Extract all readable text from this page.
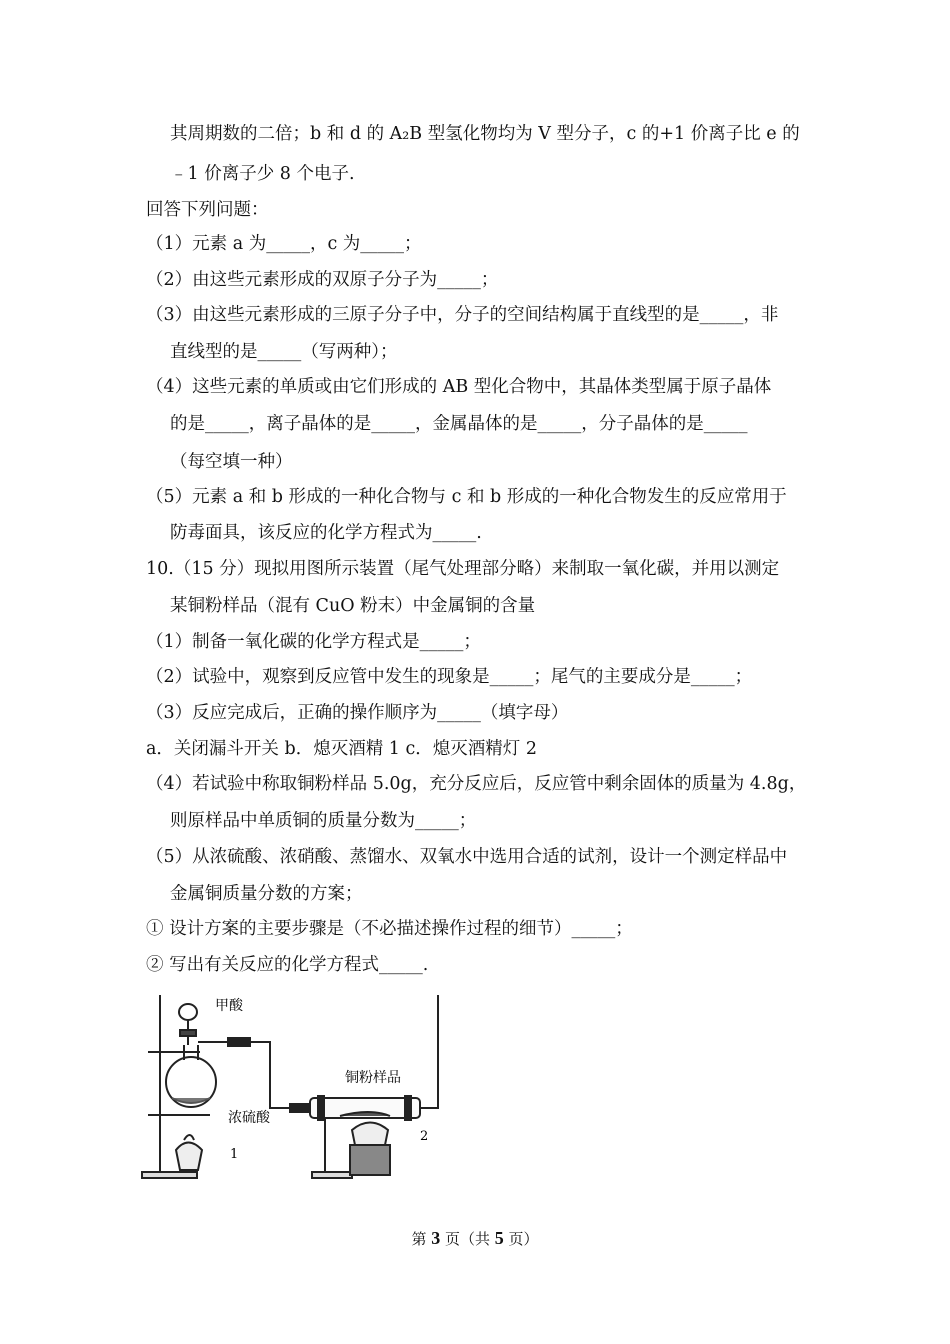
其周期数的二倍；b 和 d 的 A₂B 型氢化物均为 V 型分子，c 的+1 价离子比 e 的
﹣1 价离子少 8 个电子.
回答下列问题：
（1）元素 a 为_____，c 为_____；
（2）由这些元素形成的双原子分子为_____；
（3）由这些元素形成的三原子分子中，分子的空间结构属于直线型的是_____，非
直线型的是_____（写两种）；
（4）这些元素的单质或由它们形成的 AB 型化合物中，其晶体类型属于原子晶体
的是_____，离子晶体的是_____，金属晶体的是_____，分子晶体的是_____
（每空填一种）
（5）元素 a 和 b 形成的一种化合物与 c 和 b 形成的一种化合物发生的反应常用于
防毒面具，该反应的化学方程式为_____.
10.（15 分）现拟用图所示装置（尾气处理部分略）来制取一氧化碳，并用以测定
某铜粉样品（混有 CuO 粉末）中金属铜的含量
（1）制备一氧化碳的化学方程式是_____；
（2）试验中，观察到反应管中发生的现象是_____；尾气的主要成分是_____；
（3）反应完成后，正确的操作顺序为_____（填字母）
a．关闭漏斗开关 b．熄灭酒精 1 c．熄灭酒精灯 2
（4）若试验中称取铜粉样品 5.0g，充分反应后，反应管中剩余固体的质量为 4.8g，
则原样品中单质铜的质量分数为_____；
（5）从浓硫酸、浓硝酸、蒸馏水、双氧水中选用合适的试剂，设计一个测定样品中
金属铜质量分数的方案；
① 设计方案的主要步骤是（不必描述操作过程的细节）_____；
② 写出有关反应的化学方程式_____.
甲酸
铜粉样品
浓硫酸
1
2
第 3 页（共 5 页）
